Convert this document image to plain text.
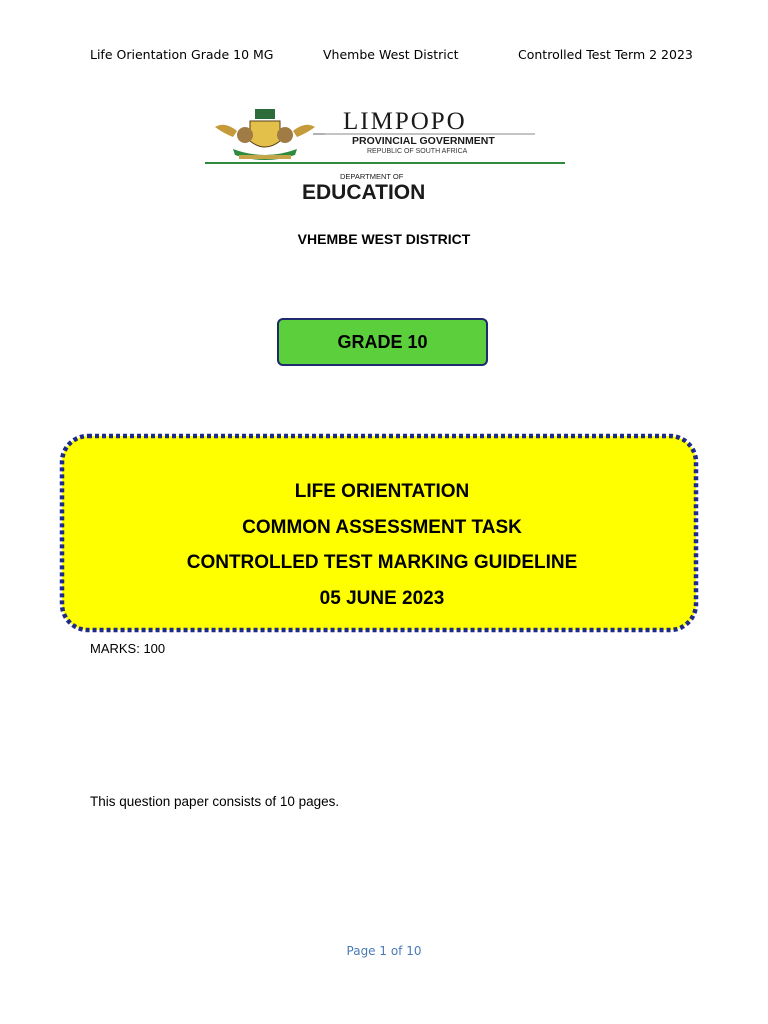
Life Orientation Grade 10 MG	Vhembe West District	Controlled Test Term 2 2023
LIMPOPO
PROVINCIAL GOVERNMENT
REPUBLIC OF SOUTH AFRICA
DEPARTMENT OF
EDUCATION
VHEMBE WEST DISTRICT
GRADE 10
LIFE ORIENTATION
COMMON ASSESSMENT TASK
CONTROLLED TEST MARKING GUIDELINE
05 JUNE 2023
MARKS: 100
This question paper consists of 10 pages.
Page 1 of 10
